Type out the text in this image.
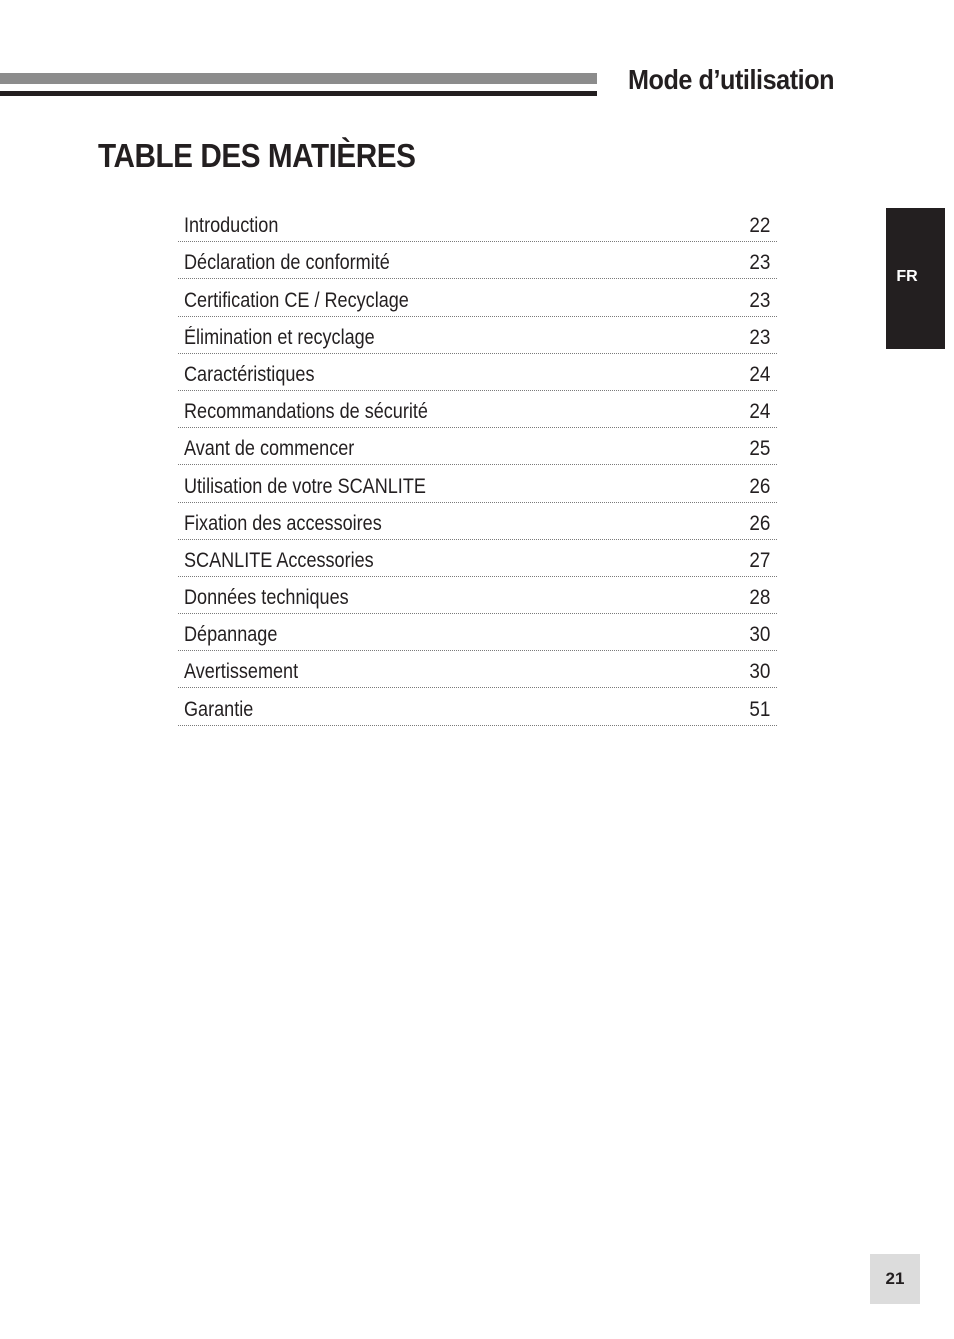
Mode d’utilisation
TABLE DES MATIÈRES
FR
Introduction	22
Déclaration de conformité	23
Certification CE / Recyclage	23
Élimination et recyclage	23
Caractéristiques	24
Recommandations de sécurité	24
Avant de commencer	25
Utilisation de votre SCANLITE	26
Fixation des accessoires	26
SCANLITE Accessories	27
Données techniques	28
Dépannage	30
Avertissement	30
Garantie	51
21
